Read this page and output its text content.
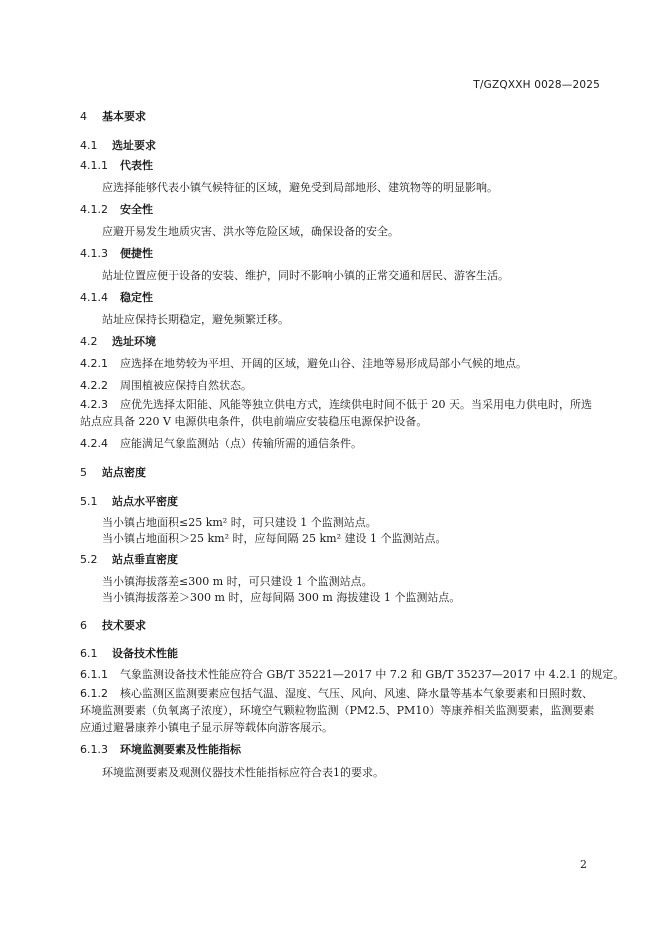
T/GZQXXH 0028—2025
4 基本要求
4.1 选址要求
4.1.1 代表性
应选择能够代表小镇气候特征的区域，避免受到局部地形、建筑物等的明显影响。
4.1.2 安全性
应避开易发生地质灾害、洪水等危险区域，确保设备的安全。
4.1.3 便捷性
站址位置应便于设备的安装、维护，同时不影响小镇的正常交通和居民、游客生活。
4.1.4 稳定性
站址应保持长期稳定，避免频繁迁移。
4.2 选址环境
4.2.1 应选择在地势较为平坦、开阔的区域，避免山谷、洼地等易形成局部小气候的地点。
4.2.2 周围植被应保持自然状态。
4.2.3 应优先选择太阳能、风能等独立供电方式，连续供电时间不低于 20 天。当采用电力供电时，所选站点应具备 220 V 电源供电条件，供电前端应安装稳压电源保护设备。
4.2.4 应能满足气象监测站（点）传输所需的通信条件。
5 站点密度
5.1 站点水平密度
当小镇占地面积≤25 km² 时，可只建设 1 个监测站点。
当小镇占地面积＞25 km² 时，应每间隔 25 km² 建设 1 个监测站点。
5.2 站点垂直密度
当小镇海拔落差≤300 m 时，可只建设 1 个监测站点。
当小镇海拔落差＞300 m 时，应每间隔 300 m 海拔建设 1 个监测站点。
6 技术要求
6.1 设备技术性能
6.1.1 气象监测设备技术性能应符合 GB/T 35221—2017 中 7.2 和 GB/T 35237—2017 中 4.2.1 的规定。
6.1.2 核心监测区监测要素应包括气温、湿度、气压、风向、风速、降水量等基本气象要素和日照时数、环境监测要素（负氧离子浓度），环境空气颗粒物监测（PM2.5、PM10）等康养相关监测要素，监测要素应通过避暑康养小镇电子显示屏等载体向游客展示。
6.1.3 环境监测要素及性能指标
环境监测要素及观测仪器技术性能指标应符合表1的要求。
2
